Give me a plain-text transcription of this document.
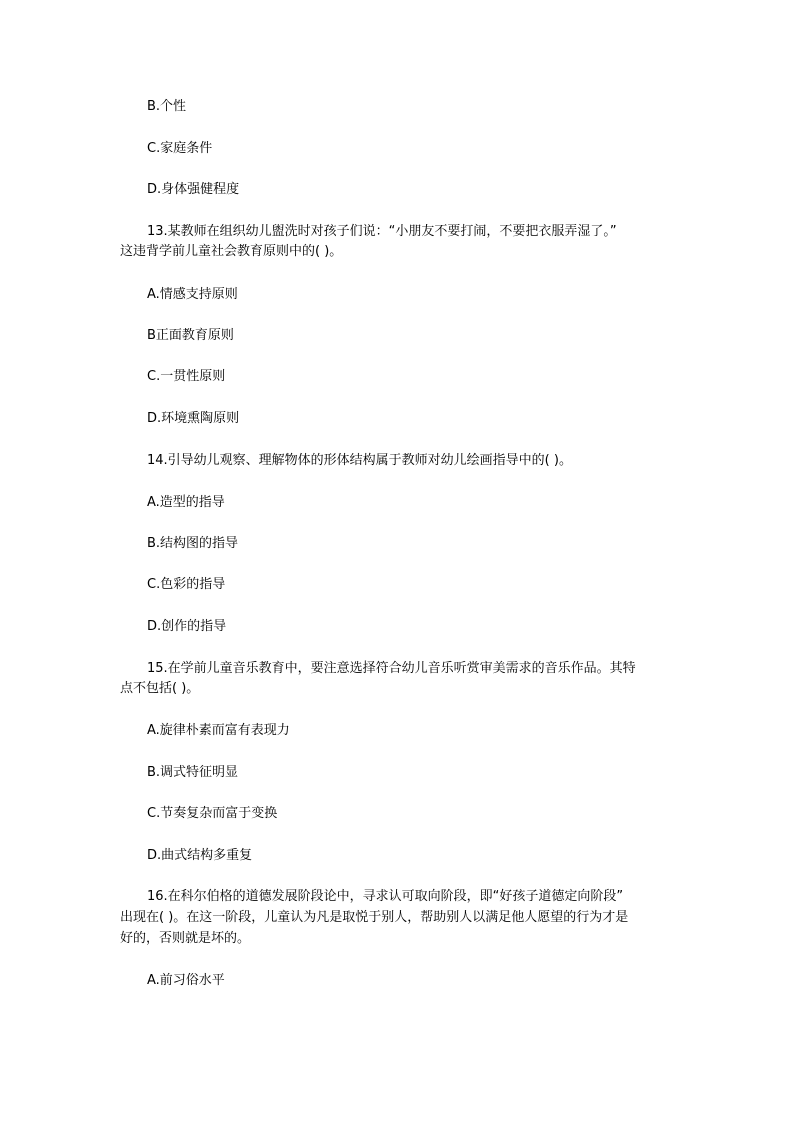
B.个性
C.家庭条件
D.身体强健程度
13.某教师在组织幼儿盥洗时对孩子们说：“小朋友不要打闹，不要把衣服弄湿了。”
这违背学前儿童社会教育原则中的( )。
A.情感支持原则
B正面教育原则
C.一贯性原则
D.环境熏陶原则
14.引导幼儿观察、理解物体的形体结构属于教师对幼儿绘画指导中的( )。
A.造型的指导
B.结构图的指导
C.色彩的指导
D.创作的指导
15.在学前儿童音乐教育中，要注意选择符合幼儿音乐听赏审美需求的音乐作品。其特
点不包括( )。
A.旋律朴素而富有表现力
B.调式特征明显
C.节奏复杂而富于变换
D.曲式结构多重复
16.在科尔伯格的道德发展阶段论中，寻求认可取向阶段，即“好孩子道德定向阶段”
出现在( )。在这一阶段，儿童认为凡是取悦于别人，帮助别人以满足他人愿望的行为才是
好的，否则就是坏的。
A.前习俗水平
